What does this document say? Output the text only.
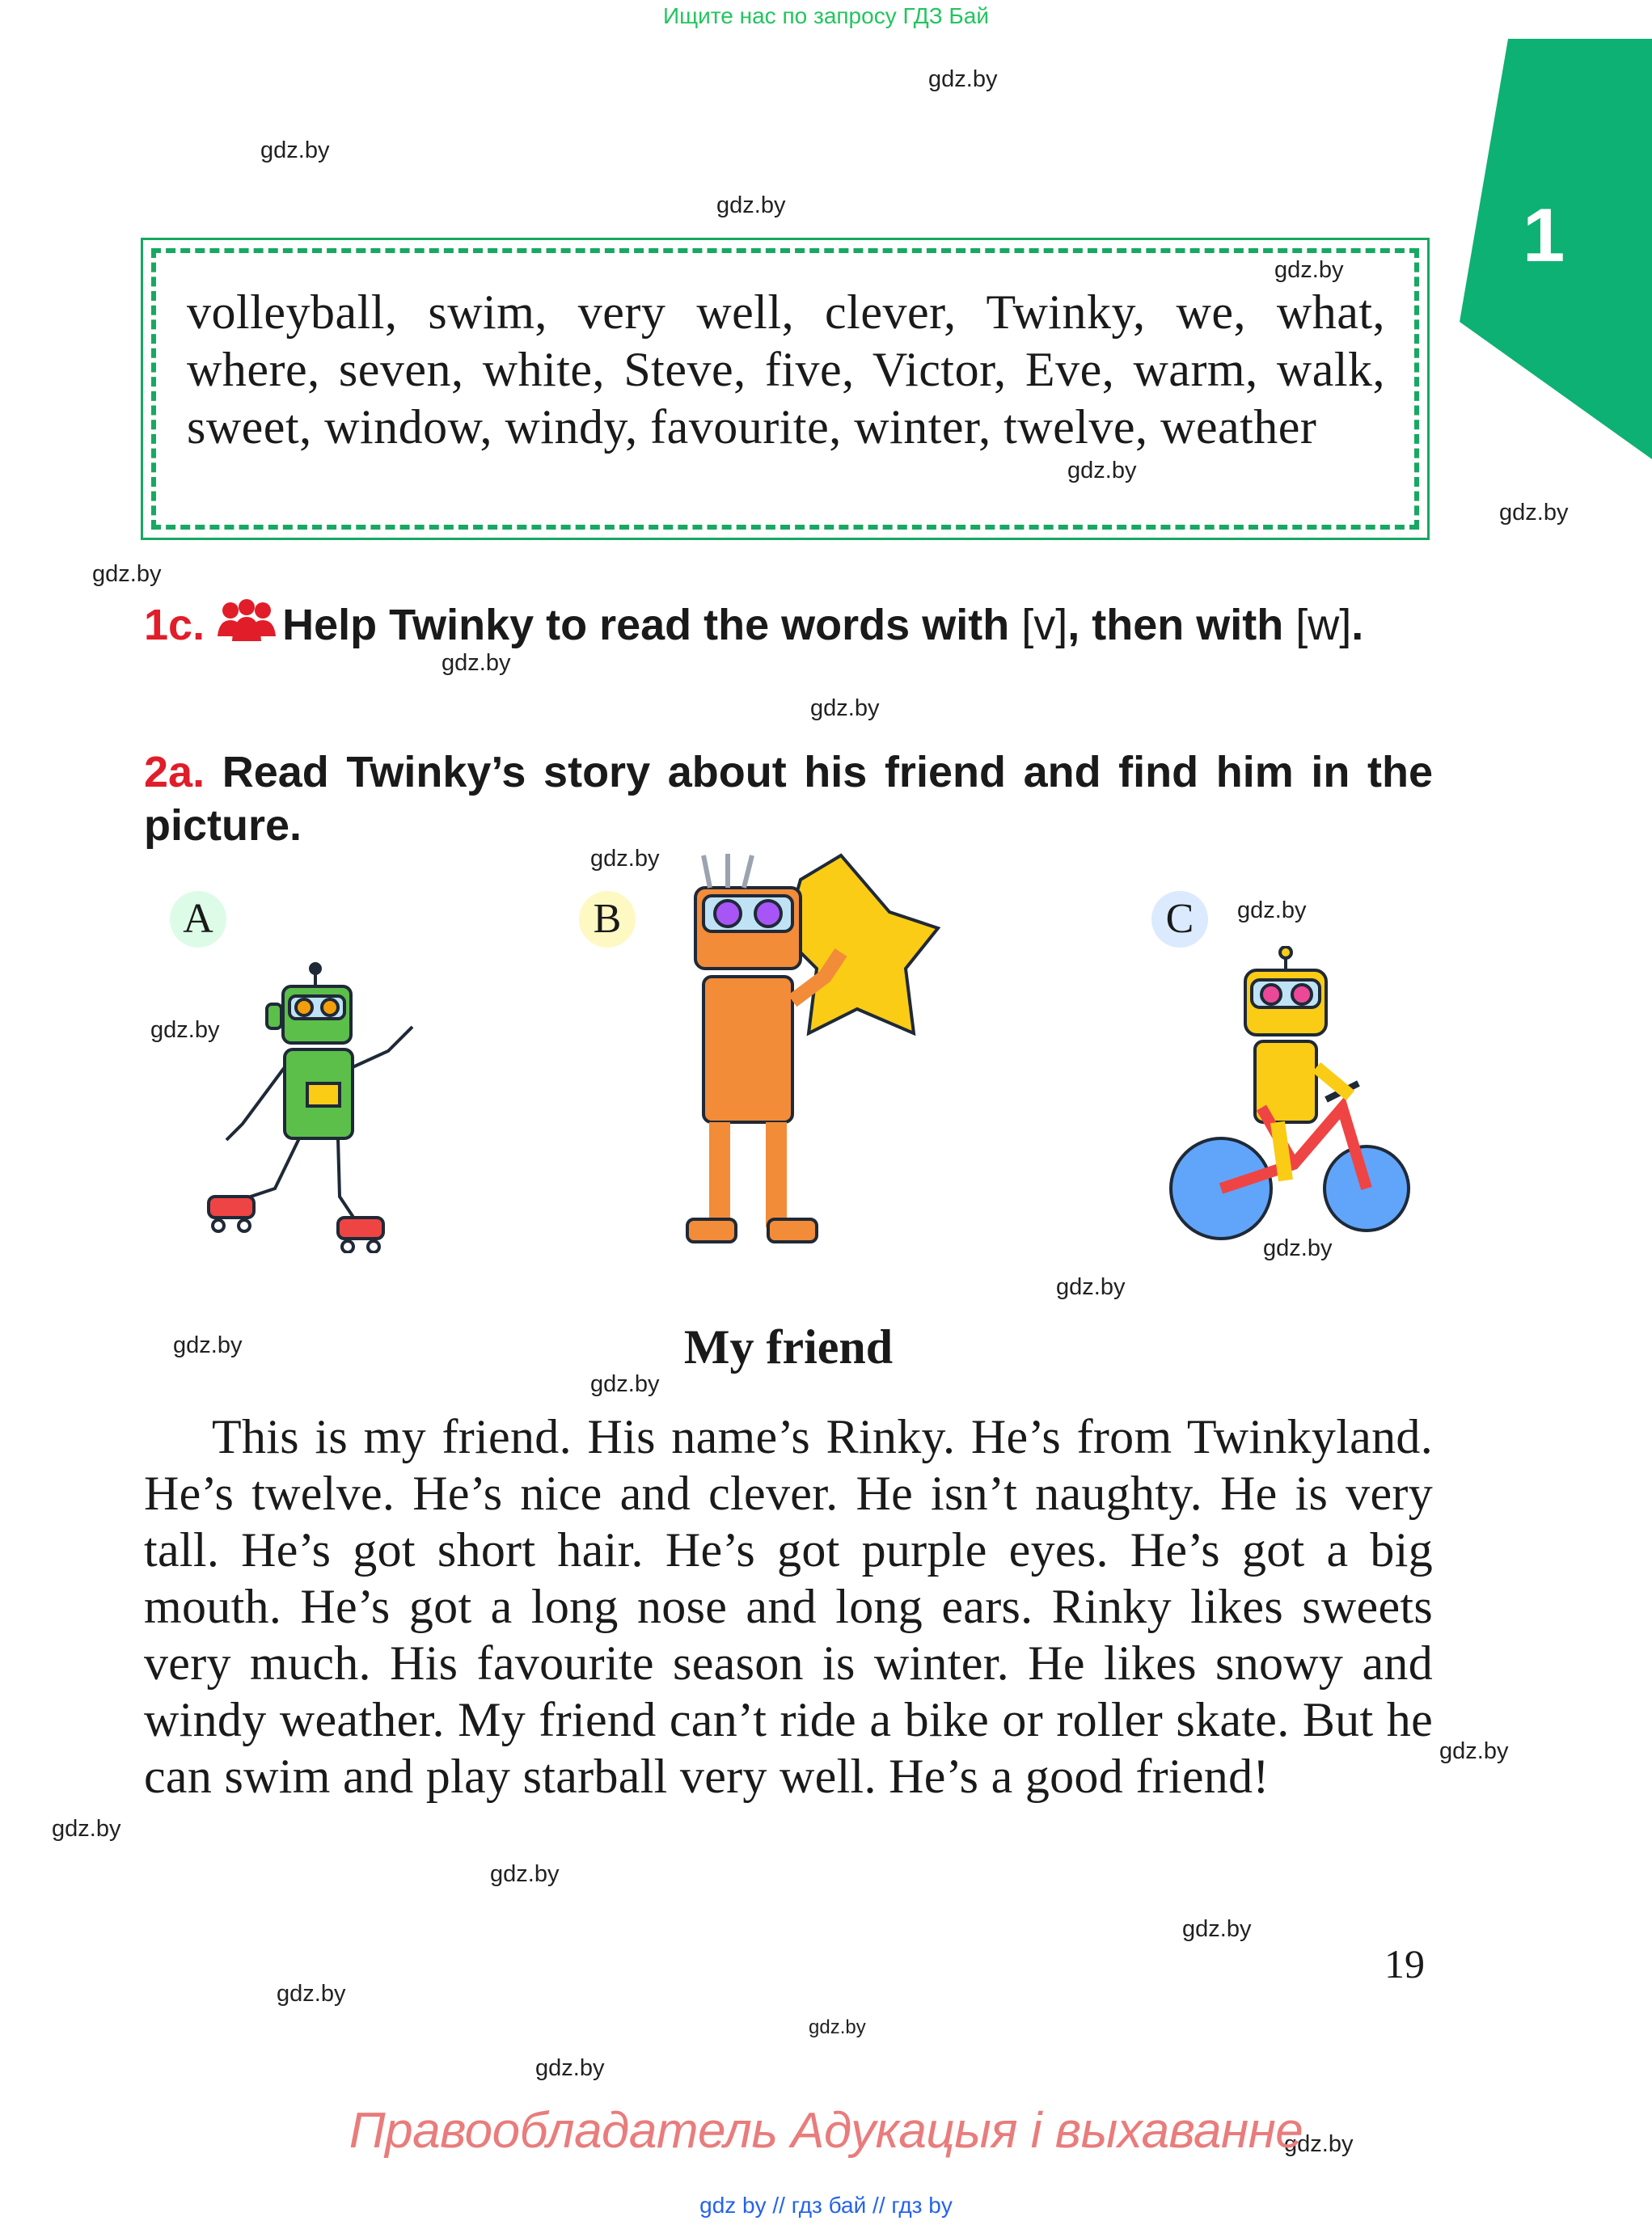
Ищите нас по запросу ГДЗ Бай
1
volleyball, swim, very well, clever, Twinky, we, what, where, seven, white, Steve, five, Victor, Eve, warm, walk, sweet, window, windy, favourite, winter, twelve, weather
1c. Help Twinky to read the words with [v], then with [w].
2a. Read Twinky’s story about his friend and find him in the picture.
A	B	C
My friend
This is my friend. His name’s Rinky. He’s from Twinkyland. He’s twelve. He’s nice and clever. He isn’t naughty. He is very tall. He’s got short hair. He’s got purple eyes. He’s got a big mouth. He’s got a long nose and long ears. Rinky likes sweets very much. His favourite season is winter. He likes snowy and windy weather. My friend can’t ride a bike or roller skate. But he can swim and play starball very well. He’s a good friend!
19
gdz.by
gdz.by
gdz.by
gdz.by
gdz.by
gdz.by
gdz.by
gdz.by
gdz.by
gdz.by
gdz.by
gdz.by
gdz.by
gdz.by
gdz.by
gdz.by
gdz.by
gdz.by
gdz.by
gdz.by
gdz.by
gdz.by
gdz.by
gdz.by
Правообладатель Адукацыя і выхаванне
gdz by // гдз бай // гдз by
